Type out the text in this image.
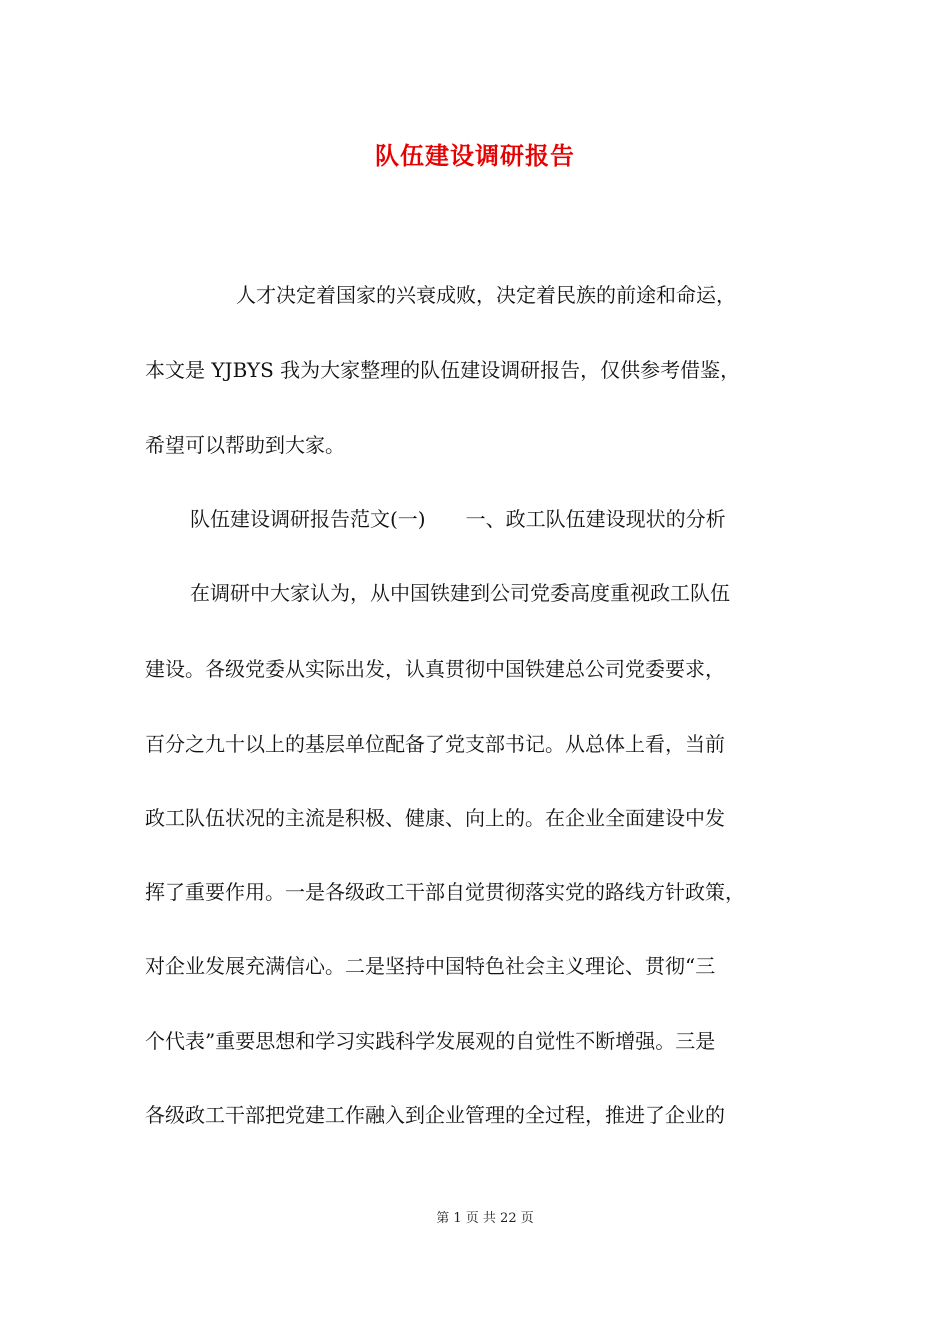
队伍建设调研报告

人才决定着国家的兴衰成败，决定着民族的前途和命运，

本文是 YJBYS 我为大家整理的队伍建设调研报告，仅供参考借鉴，

希望可以帮助到大家。

队伍建设调研报告范文(一)　　一、政工队伍建设现状的分析

在调研中大家认为，从中国铁建到公司党委高度重视政工队伍

建设。各级党委从实际出发，认真贯彻中国铁建总公司党委要求，

百分之九十以上的基层单位配备了党支部书记。从总体上看，当前

政工队伍状况的主流是积极、健康、向上的。在企业全面建设中发

挥了重要作用。一是各级政工干部自觉贯彻落实党的路线方针政策，

对企业发展充满信心。二是坚持中国特色社会主义理论、贯彻“三

个代表”重要思想和学习实践科学发展观的自觉性不断增强。三是

各级政工干部把党建工作融入到企业管理的全过程，推进了企业的

第 1 页 共 22 页
